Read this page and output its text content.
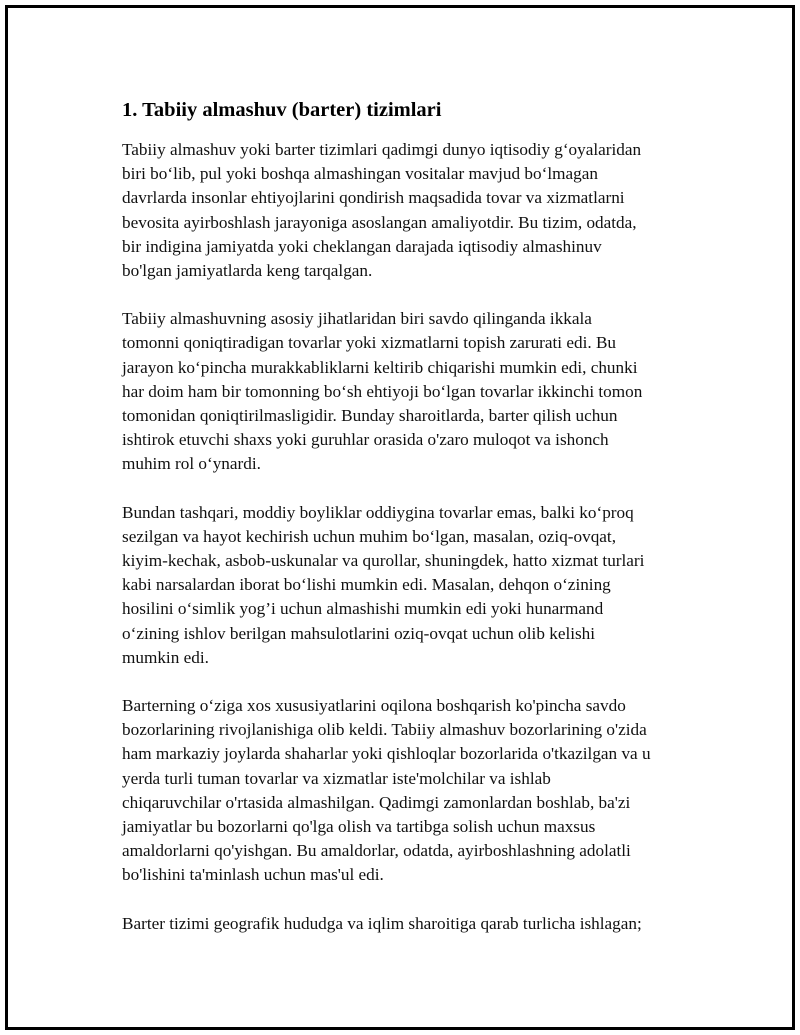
1. Tabiiy almashuv (barter) tizimlari

Tabiiy almashuv yoki barter tizimlari qadimgi dunyo iqtisodiy g‘oyalaridan
biri bo‘lib, pul yoki boshqa almashingan vositalar mavjud bo‘lmagan
davrlarda insonlar ehtiyojlarini qondirish maqsadida tovar va xizmatlarni
bevosita ayirboshlash jarayoniga asoslangan amaliyotdir. Bu tizim, odatda,
bir indigina jamiyatda yoki cheklangan darajada iqtisodiy almashinuv
bo'lgan jamiyatlarda keng tarqalgan.

Tabiiy almashuvning asosiy jihatlaridan biri savdo qilinganda ikkala
tomonni qoniqtiradigan tovarlar yoki xizmatlarni topish zarurati edi. Bu
jarayon ko‘pincha murakkabliklarni keltirib chiqarishi mumkin edi, chunki
har doim ham bir tomonning bo‘sh ehtiyoji bo‘lgan tovarlar ikkinchi tomon
tomonidan qoniqtirilmasligidir. Bunday sharoitlarda, barter qilish uchun
ishtirok etuvchi shaxs yoki guruhlar orasida o'zaro muloqot va ishonch
muhim rol o‘ynardi.

Bundan tashqari, moddiy boyliklar oddiygina tovarlar emas, balki ko‘proq
sezilgan va hayot kechirish uchun muhim bo‘lgan, masalan, oziq-ovqat,
kiyim-kechak, asbob-uskunalar va qurollar, shuningdek, hatto xizmat turlari
kabi narsalardan iborat bo‘lishi mumkin edi. Masalan, dehqon o‘zining
hosilini o‘simlik yog’i uchun almashishi mumkin edi yoki hunarmand
o‘zining ishlov berilgan mahsulotlarini oziq-ovqat uchun olib kelishi
mumkin edi.

Barterning o‘ziga xos xususiyatlarini oqilona boshqarish ko'pincha savdo
bozorlarining rivojlanishiga olib keldi. Tabiiy almashuv bozorlarining o'zida
ham markaziy joylarda shaharlar yoki qishloqlar bozorlarida o'tkazilgan va u
yerda turli tuman tovarlar va xizmatlar iste'molchilar va ishlab
chiqaruvchilar o'rtasida almashilgan. Qadimgi zamonlardan boshlab, ba'zi
jamiyatlar bu bozorlarni qo'lga olish va tartibga solish uchun maxsus
amaldorlarni qo'yishgan. Bu amaldorlar, odatda, ayirboshlashning adolatli
bo'lishini ta'minlash uchun mas'ul edi.

Barter tizimi geografik hududga va iqlim sharoitiga qarab turlicha ishlagan;
